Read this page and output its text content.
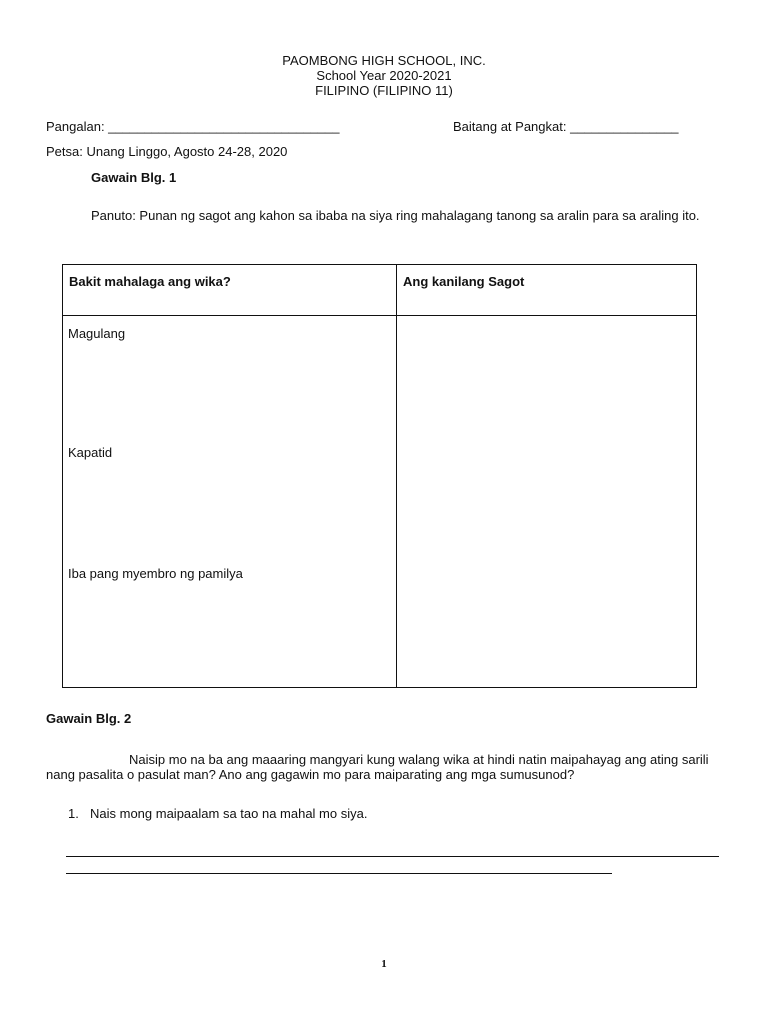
PAOMBONG HIGH SCHOOL, INC.
School Year 2020-2021
FILIPINO (FILIPINO 11)
Pangalan: ________________________________	Baitang at Pangkat: _______________
Petsa: Unang Linggo, Agosto 24-28, 2020
Gawain Blg. 1
Panuto: Punan ng sagot ang kahon sa ibaba na siya ring mahalagang tanong sa aralin para sa araling ito.
Bakit mahalaga ang wika?	Ang kanilang Sagot

Magulang
Kapatid
Iba pang myembro ng pamilya
Gawain Blg. 2
Naisip mo na ba ang maaaring mangyari kung walang wika at hindi natin maipahayag ang ating sarili nang pasalita o pasulat man? Ano ang gagawin mo para maiparating ang mga sumusunod?
1. Nais mong maipaalam sa tao na mahal mo siya.
1
